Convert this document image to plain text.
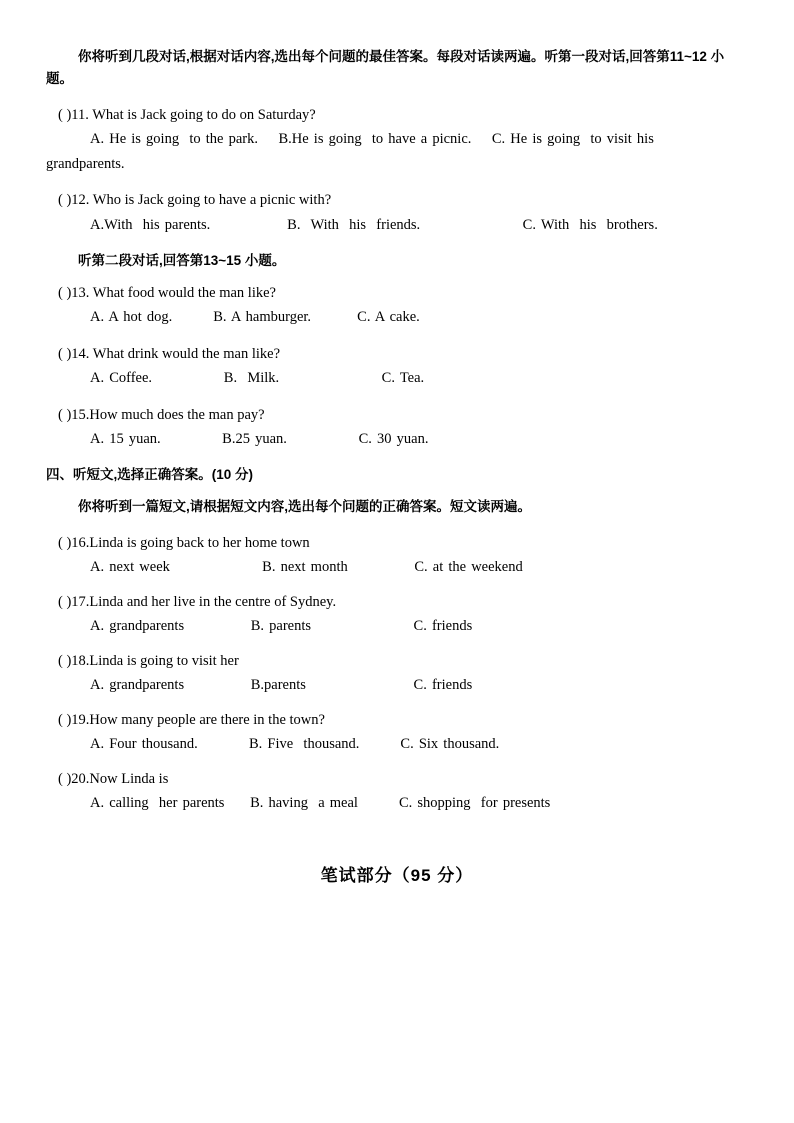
你将听到几段对话,根据对话内容,选出每个问题的最佳答案。每段对话读两遍。听第一段对话,回答第11~12 小题。

( )11. What is Jack going to do on Saturday?

A. He is going  to the park.    B.He is going  to have a picnic.    C. He is going  to visit his

grandparents.

( )12. Who is Jack going to have a picnic with?

A.With  his parents.               B.  With  his  friends.                    C. With  his  brothers.

听第二段对话,回答第13~15 小题。

( )13. What food would the man like?

A. A hot dog.        B. A hamburger.         C. A cake.

( )14. What drink would the man like?

A. Coffee.              B.  Milk.                    C. Tea.

( )15.How much does the man pay?

A. 15 yuan.            B.25 yuan.              C. 30 yuan.

四、听短文,选择正确答案。(10 分)

你将听到一篇短文,请根据短文内容,选出每个问题的正确答案。短文读两遍。

( )16.Linda is going back to her home town

A. next week                  B. next month             C. at the weekend

( )17.Linda and her live in the centre of Sydney.

A. grandparents             B. parents                    C. friends

( )18.Linda is going to visit her

A. grandparents             B.parents                     C. friends

( )19.How many people are there in the town?

A. Four thousand.          B. Five  thousand.        C. Six thousand.

( )20.Now Linda is

A. calling  her parents     B. having  a meal        C. shopping  for presents

笔试部分（95 分）
